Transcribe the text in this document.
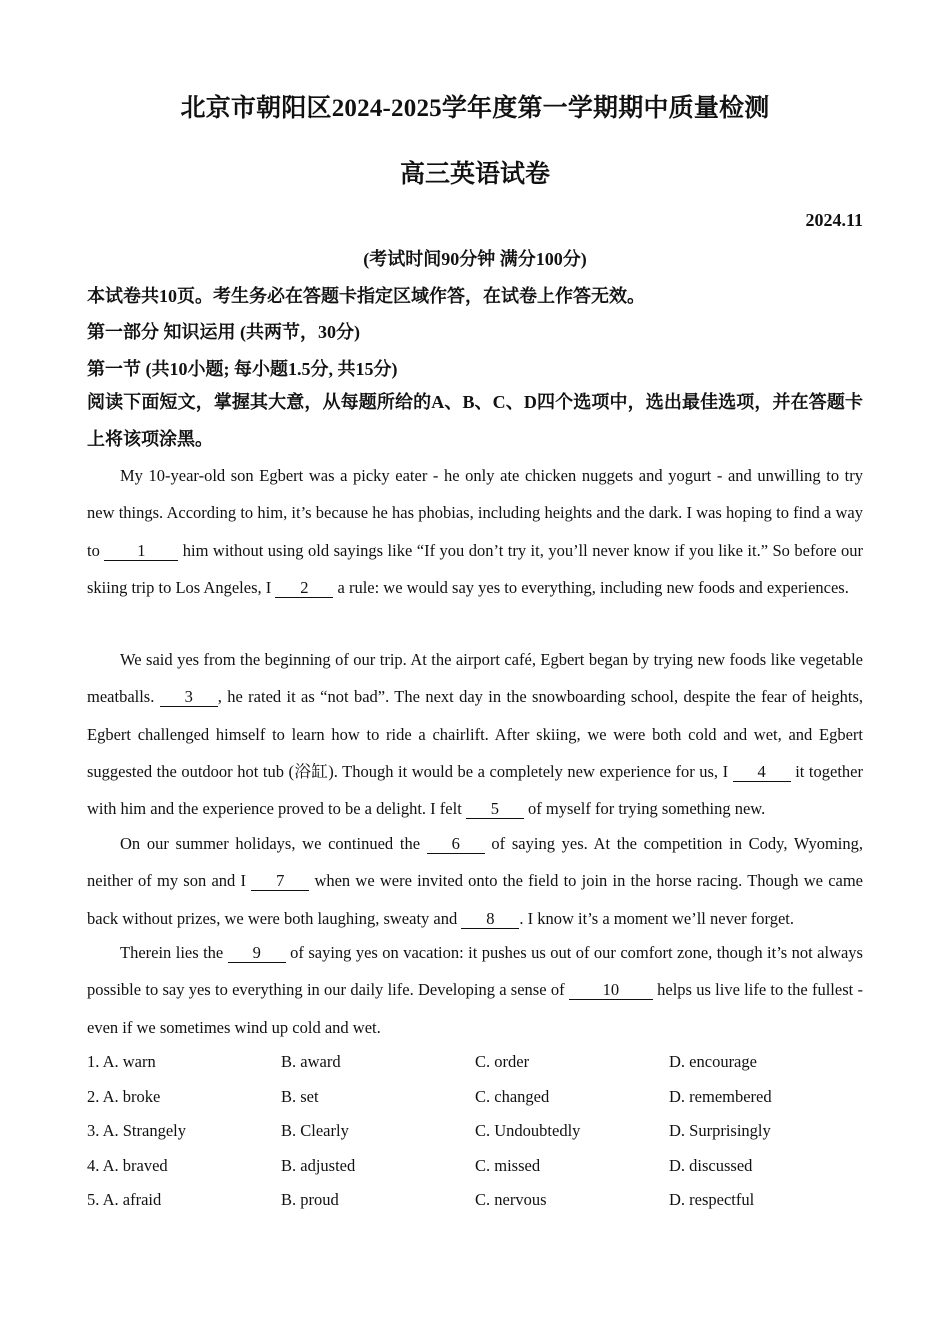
北京市朝阳区2024-2025学年度第一学期期中质量检测
高三英语试卷
2024.11
(考试时间90分钟 满分100分)
本试卷共10页。考生务必在答题卡指定区域作答，在试卷上作答无效。
第一部分 知识运用 (共两节，30分)
第一节 (共10小题; 每小题1.5分, 共15分)
阅读下面短文，掌握其大意，从每题所给的A、B、C、D四个选项中，选出最佳选项，并在答题卡上将该项涂黑。
My 10-year-old son Egbert was a picky eater - he only ate chicken nuggets and yogurt - and unwilling to try new things. According to him, it’s because he has phobias, including heights and the dark. I was hoping to find a way to 1 him without using old sayings like “If you don’t try it, you’ll never know if you like it.” So before our skiing trip to Los Angeles, I 2 a rule: we would say yes to everything, including new foods and experiences.
We said yes from the beginning of our trip. At the airport café, Egbert began by trying new foods like vegetable meatballs. 3 , he rated it as “not bad”. The next day in the snowboarding school, despite the fear of heights, Egbert challenged himself to learn how to ride a chairlift. After skiing, we were both cold and wet, and Egbert suggested the outdoor hot tub (浴缸). Though it would be a completely new experience for us, I 4 it together with him and the experience proved to be a delight. I felt 5 of myself for trying something new.
On our summer holidays, we continued the 6 of saying yes. At the competition in Cody, Wyoming, neither of my son and I 7 when we were invited onto the field to join in the horse racing. Though we came back without prizes, we were both laughing, sweaty and 8 . I know it’s a moment we’ll never forget.
Therein lies the 9 of saying yes on vacation: it pushes us out of our comfort zone, though it’s not always possible to say yes to everything in our daily life. Developing a sense of 10 helps us live life to the fullest - even if we sometimes wind up cold and wet.
1. A. warn	B. award	C. order	D. encourage
2. A. broke	B. set	C. changed	D. remembered
3. A. Strangely	B. Clearly	C. Undoubtedly	D. Surprisingly
4. A. braved	B. adjusted	C. missed	D. discussed
5. A. afraid	B. proud	C. nervous	D. respectful
